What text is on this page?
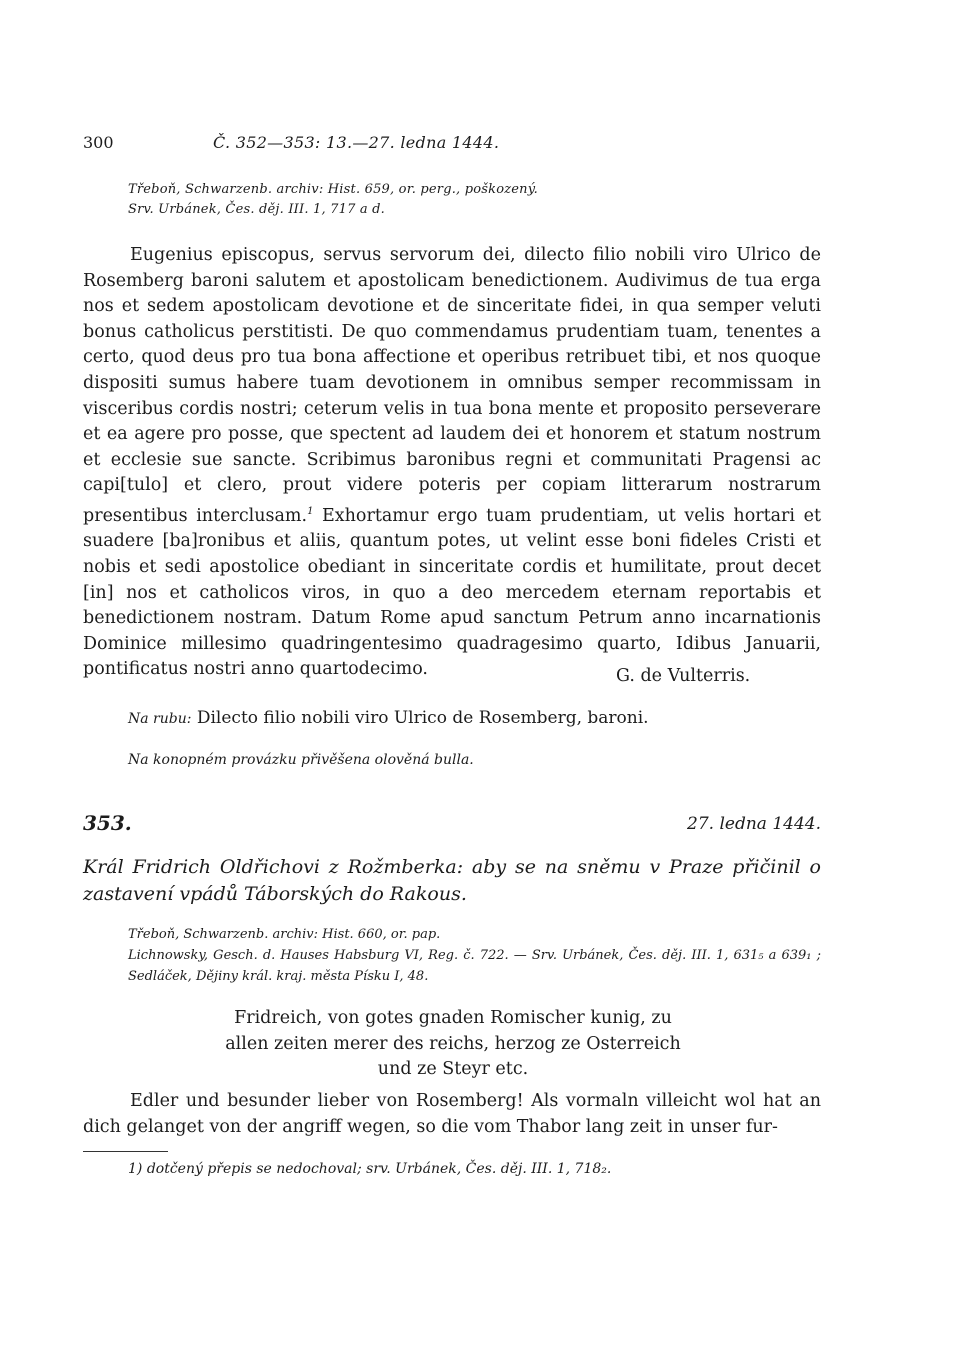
300	Č. 352—353: 13.—27. ledna 1444.
Třeboň, Schwarzenb. archiv: Hist. 659, or. perg., poškozený.
Srv. Urbánek, Čes. děj. III. 1, 717 a d.

Eugenius episcopus, servus servorum dei, dilecto filio nobili viro Ulrico de Rosemberg baroni salutem et apostolicam benedictionem. Audivimus de tua erga nos et sedem apostolicam devotione et de sinceritate fidei, in qua semper veluti bonus catholicus perstitisti. De quo commendamus prudentiam tuam, tenentes a certo, quod deus pro tua bona affectione et operibus retribuet tibi, et nos quoque dispositi sumus habere tuam devotionem in omnibus semper recommissam in visceribus cordis nostri; ceterum velis in tua bona mente et proposito perseverare et ea agere pro posse, que spectent ad laudem dei et honorem et statum nostrum et ecclesie sue sancte. Scribimus baronibus regni et communitati Pragensi ac capi[tulo] et clero, prout videre poteris per copiam litterarum nostrarum presentibus interclusam.$^1$ Exhortamur ergo tuam prudentiam, ut velis hortari et suadere [ba]ronibus et aliis, quantum potes, ut velint esse boni fideles Cristi et nobis et sedi apostolice obediant in sinceritate cordis et humilitate, prout decet [in] nos et catholicos viros, in quo a deo mercedem eternam reportabis et benedictionem nostram. Datum Rome apud sanctum Petrum anno incarnationis Dominice millesimo quadringentesimo quadragesimo quarto, Idibus Januarii, pontificatus nostri anno quartodecimo.	G. de Vulterris.
Na rubu: Dilecto filio nobili viro Ulrico de Rosemberg, baroni.
Na konopném provázku přivěšena olověná bulla.
353.	27. ledna 1444.
Král Fridrich Oldřichovi z Rožmberka: aby se na sněmu v Praze přičinil o zastavení vpádů Táborských do Rakous.
Třeboň, Schwarzenb. archiv: Hist. 660, or. pap.
Lichnowsky, Gesch. d. Hauses Habsburg VI, Reg. č. 722. — Srv. Urbánek, Čes. děj. III. 1, 631₅ a 639₁ ; Sedláček, Dějiny král. kraj. města Písku I, 48.
Fridreich, von gotes gnaden Romischer kunig, zu
allen zeiten merer des reichs, herzog ze Osterreich
und ze Steyr etc.
Edler und besunder lieber von Rosemberg! Als vormaln villeicht wol hat an dich gelanget von der angriff wegen, so die vom Thabor lang zeit in unser fur-
1) dotčený přepis se nedochoval; srv. Urbánek, Čes. děj. III. 1, 718₂.
